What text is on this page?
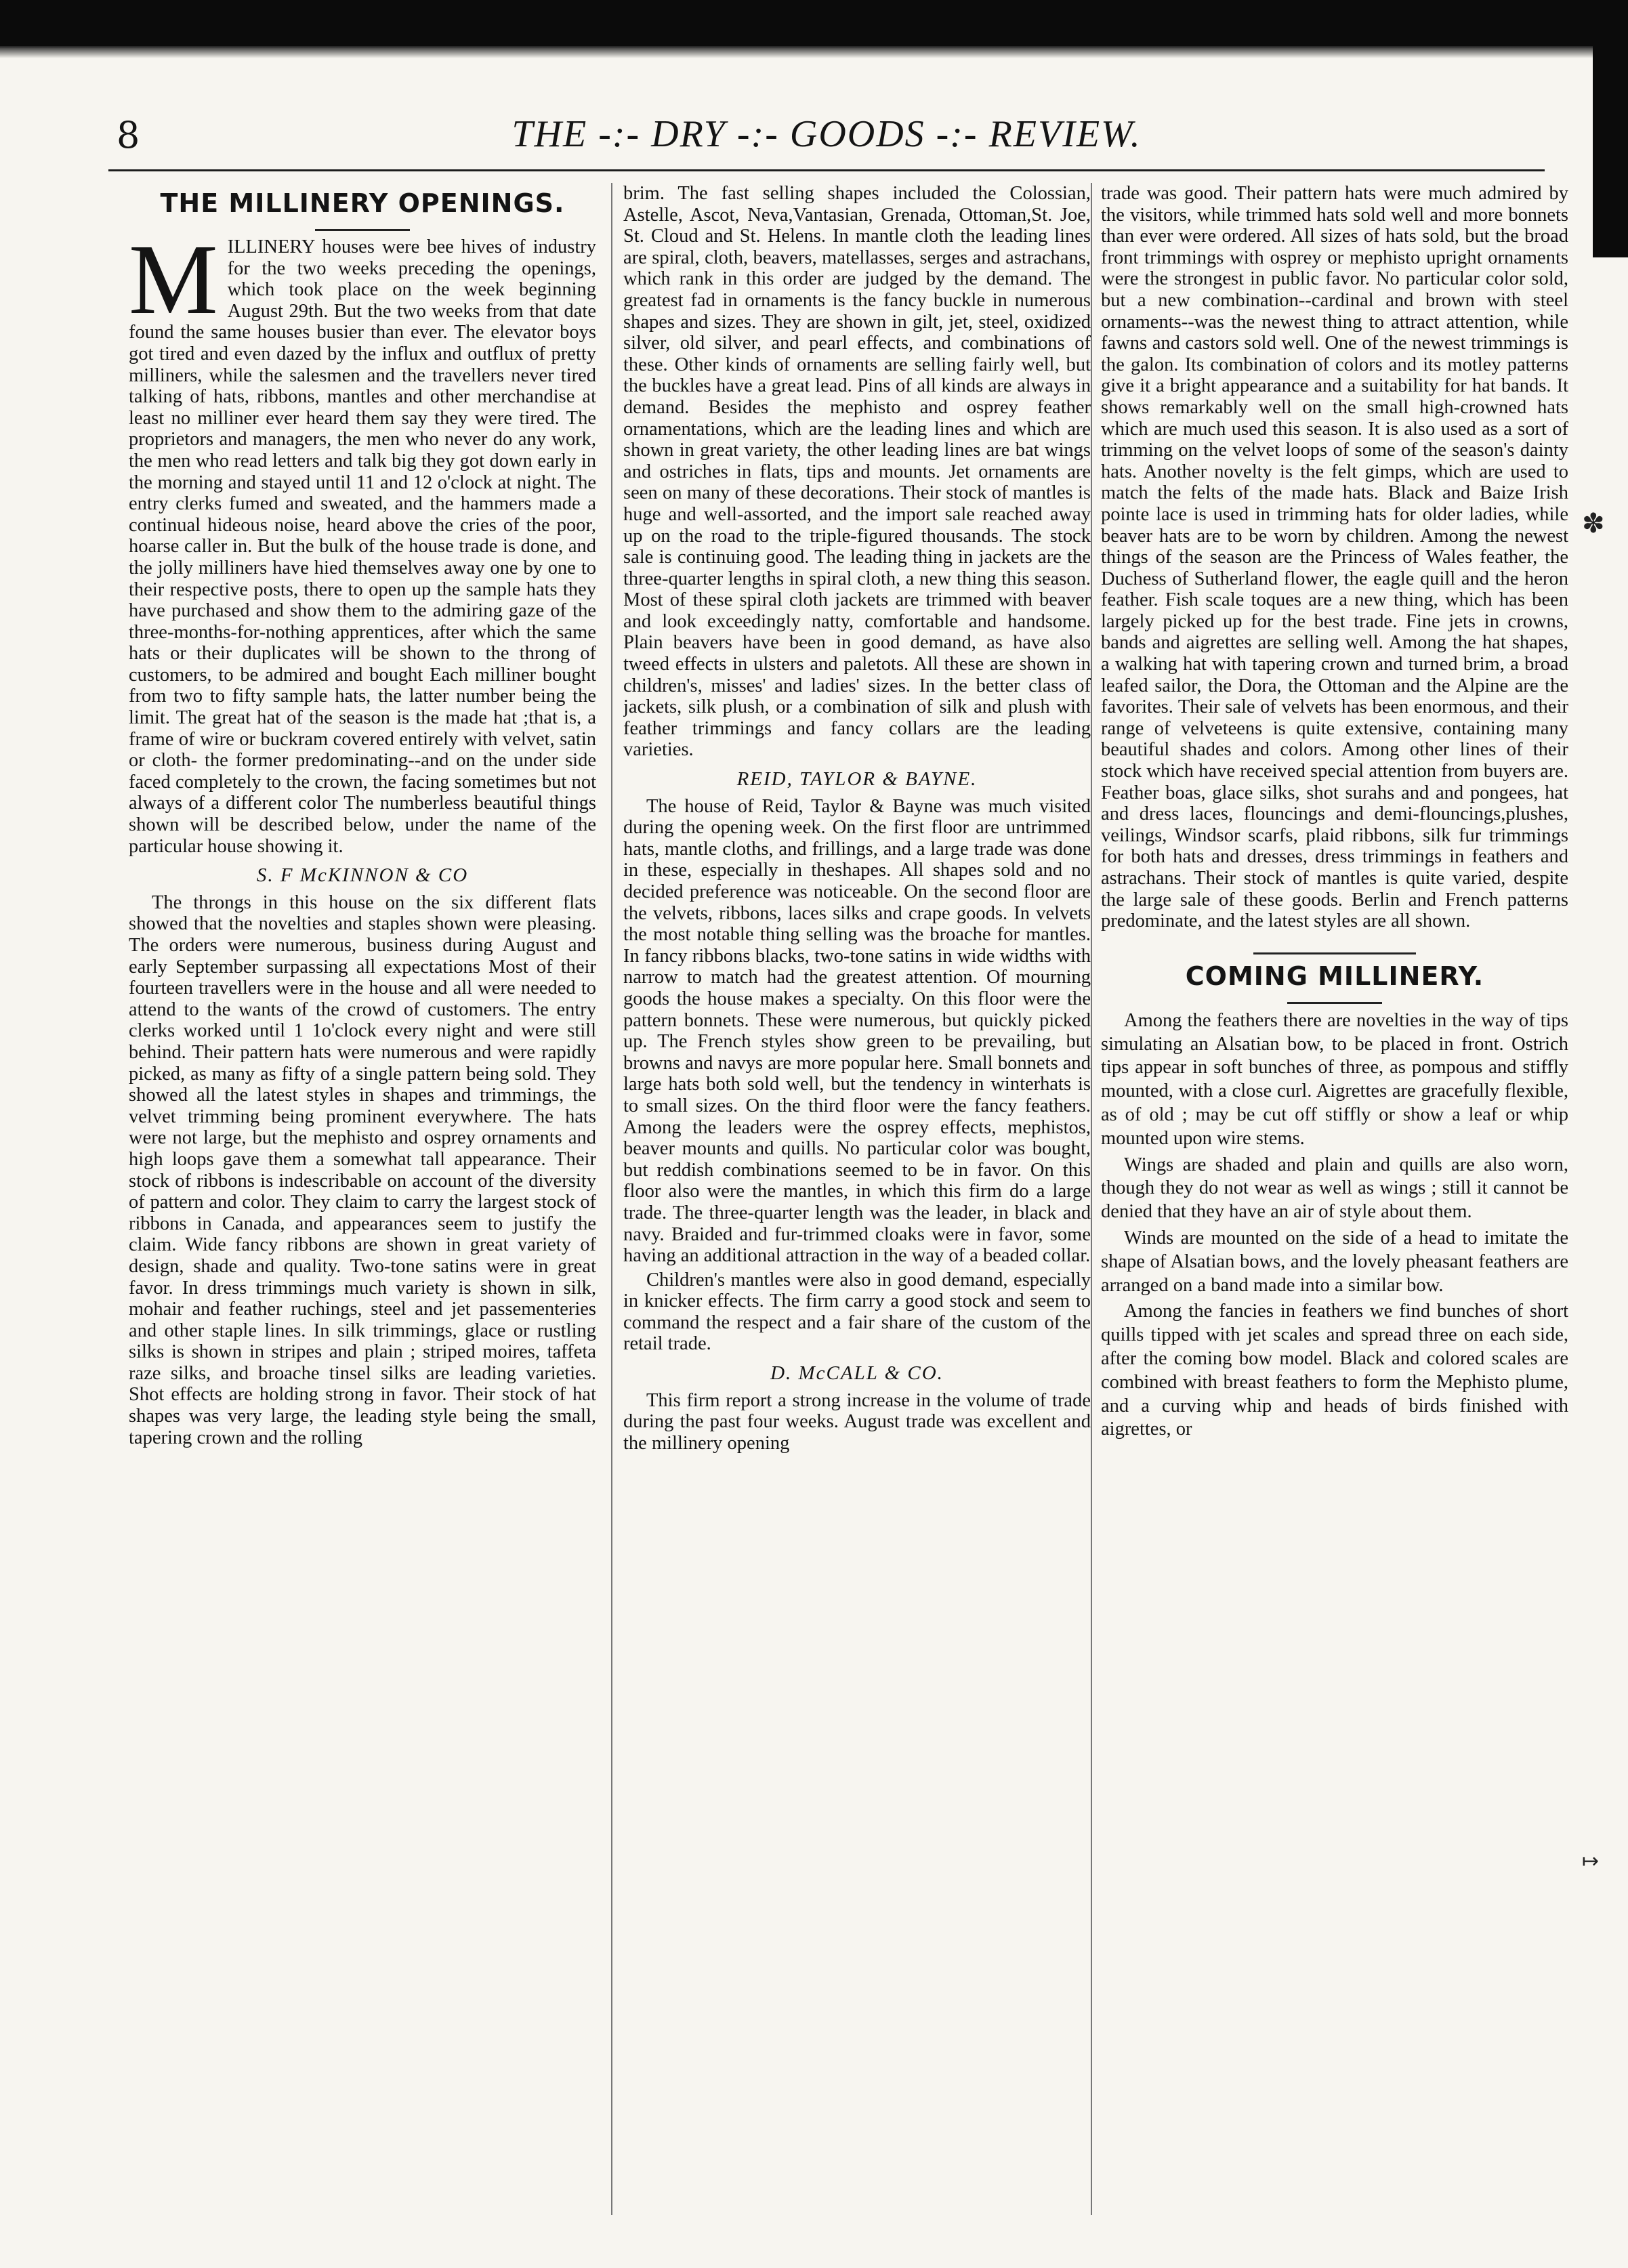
8	THE -:- DRY -:- GOODS -:- REVIEW.
THE MILLINERY OPENINGS.

MILLINERY houses were bee hives of industry for the two weeks preceding the openings, which took place on the week beginning August 29th. But the two weeks from that date found the same houses busier than ever. The elevator boys got tired and even dazed by the influx and outflux of pretty milliners, while the salesmen and the travellers never tired talking of hats, ribbons, mantles and other merchandise at least no milliner ever heard them say they were tired. The proprietors and managers, the men who never do any work, the men who read letters and talk big they got down early in the morning and stayed until 11 and 12 o'clock at night. The entry clerks fumed and sweated, and the hammers made a continual hideous noise, heard above the cries of the poor, hoarse caller in. But the bulk of the house trade is done, and the jolly milliners have hied themselves away one by one to their respective posts, there to open up the sample hats they have purchased and show them to the admiring gaze of the three-months-for-nothing apprentices, after which the same hats or their duplicates will be shown to the throng of customers, to be admired and bought Each milliner bought from two to fifty sample hats, the latter number being the limit. The great hat of the season is the made hat ;that is, a frame of wire or buckram covered entirely with velvet, satin or cloth- the former predominating--and on the under side faced completely to the crown, the facing sometimes but not always of a different color The numberless beautiful things shown will be described below, under the name of the particular house showing it.

S. F McKINNON & CO

The throngs in this house on the six different flats showed that the novelties and staples shown were pleasing. The orders were numerous, business during August and early September surpassing all expectations Most of their fourteen travellers were in the house and all were needed to attend to the wants of the crowd of customers. The entry clerks worked until 1 1o'clock every night and were still behind. Their pattern hats were numerous and were rapidly picked, as many as fifty of a single pattern being sold. They showed all the latest styles in shapes and trimmings, the velvet trimming being prominent everywhere. The hats were not large, but the mephisto and osprey ornaments and high loops gave them a somewhat tall appearance. Their stock of ribbons is indescribable on account of the diversity of pattern and color. They claim to carry the largest stock of ribbons in Canada, and appearances seem to justify the claim. Wide fancy ribbons are shown in great variety of design, shade and quality. Two-tone satins were in great favor. In dress trimmings much variety is shown in silk, mohair and feather ruchings, steel and jet passementeries and other staple lines. In silk trimmings, glace or rustling silks is shown in stripes and plain ; striped moires, taffeta raze silks, and broache tinsel silks are leading varieties. Shot effects are holding strong in favor. Their stock of hat shapes was very large, the leading style being the small, tapering crown and the rolling

brim. The fast selling shapes included the Colossian, Astelle, Ascot, Neva,Vantasian, Grenada, Ottoman,St. Joe, St. Cloud and St. Helens. In mantle cloth the leading lines are spiral, cloth, beavers, matellasses, serges and astrachans, which rank in this order are judged by the demand. The greatest fad in ornaments is the fancy buckle in numerous shapes and sizes. They are shown in gilt, jet, steel, oxidized silver, old silver, and pearl effects, and combinations of these. Other kinds of ornaments are selling fairly well, but the buckles have a great lead. Pins of all kinds are always in demand. Besides the mephisto and osprey feather ornamentations, which are the leading lines and which are shown in great variety, the other leading lines are bat wings and ostriches in flats, tips and mounts. Jet ornaments are seen on many of these decorations. Their stock of mantles is huge and well-assorted, and the import sale reached away up on the road to the triple-figured thousands. The stock sale is continuing good. The leading thing in jackets are the three-quarter lengths in spiral cloth, a new thing this season. Most of these spiral cloth jackets are trimmed with beaver and look exceedingly natty, comfortable and handsome. Plain beavers have been in good demand, as have also tweed effects in ulsters and paletots. All these are shown in children's, misses' and ladies' sizes. In the better class of jackets, silk plush, or a combination of silk and plush with feather trimmings and fancy collars are the leading varieties.

REID, TAYLOR & BAYNE.

The house of Reid, Taylor & Bayne was much visited during the opening week. On the first floor are untrimmed hats, mantle cloths, and frillings, and a large trade was done in these, especially in theshapes. All shapes sold and no decided preference was noticeable. On the second floor are the velvets, ribbons, laces silks and crape goods. In velvets the most notable thing selling was the broache for mantles. In fancy ribbons blacks, two-tone satins in wide widths with narrow to match had the greatest attention. Of mourning goods the house makes a specialty. On this floor were the pattern bonnets. These were numerous, but quickly picked up. The French styles show green to be prevailing, but browns and navys are more popular here. Small bonnets and large hats both sold well, but the tendency in winterhats is to small sizes. On the third floor were the fancy feathers. Among the leaders were the osprey effects, mephistos, beaver mounts and quills. No particular color was bought, but reddish combinations seemed to be in favor. On this floor also were the mantles, in which this firm do a large trade. The three-quarter length was the leader, in black and navy. Braided and fur-trimmed cloaks were in favor, some having an additional attraction in the way of a beaded collar.

Children's mantles were also in good demand, especially in knicker effects. The firm carry a good stock and seem to command the respect and a fair share of the custom of the retail trade.

D. McCALL & CO.

This firm report a strong increase in the volume of trade during the past four weeks. August trade was excellent and the millinery opening

trade was good. Their pattern hats were much admired by the visitors, while trimmed hats sold well and more bonnets than ever were ordered. All sizes of hats sold, but the broad front trimmings with osprey or mephisto upright ornaments were the strongest in public favor. No particular color sold, but a new combination--cardinal and brown with steel ornaments--was the newest thing to attract attention, while fawns and castors sold well. One of the newest trimmings is the galon. Its combination of colors and its motley patterns give it a bright appearance and a suitability for hat bands. It shows remarkably well on the small high-crowned hats which are much used this season. It is also used as a sort of trimming on the velvet loops of some of the season's dainty hats. Another novelty is the felt gimps, which are used to match the felts of the made hats. Black and Baize Irish pointe lace is used in trimming hats for older ladies, while beaver hats are to be worn by children. Among the newest things of the season are the Princess of Wales feather, the Duchess of Sutherland flower, the eagle quill and the heron feather. Fish scale toques are a new thing, which has been largely picked up for the best trade. Fine jets in crowns, bands and aigrettes are selling well. Among the hat shapes, a walking hat with tapering crown and turned brim, a broad leafed sailor, the Dora, the Ottoman and the Alpine are the favorites. Their sale of velvets has been enormous, and their range of velveteens is quite extensive, containing many beautiful shades and colors. Among other lines of their stock which have received special attention from buyers are. Feather boas, glace silks, shot surahs and and pongees, hat and dress laces, flouncings and demi-flouncings,plushes, veilings, Windsor scarfs, plaid ribbons, silk fur trimmings for both hats and dresses, dress trimmings in feathers and astrachans. Their stock of mantles is quite varied, despite the large sale of these goods. Berlin and French patterns predominate, and the latest styles are all shown.

COMING MILLINERY.

Among the feathers there are novelties in the way of tips simulating an Alsatian bow, to be placed in front. Ostrich tips appear in soft bunches of three, as pompous and stiffly mounted, with a close curl. Aigrettes are gracefully flexible, as of old ; may be cut off stiffly or show a leaf or whip mounted upon wire stems.

Wings are shaded and plain and quills are also worn, though they do not wear as well as wings ; still it cannot be denied that they have an air of style about them.

Winds are mounted on the side of a head to imitate the shape of Alsatian bows, and the lovely pheasant feathers are arranged on a band made into a similar bow.

Among the fancies in feathers we find bunches of short quills tipped with jet scales and spread three on each side, after the coming bow model. Black and colored scales are combined with breast feathers to form the Mephisto plume, and a curving whip and heads of birds finished with aigrettes, or

✽
↦
